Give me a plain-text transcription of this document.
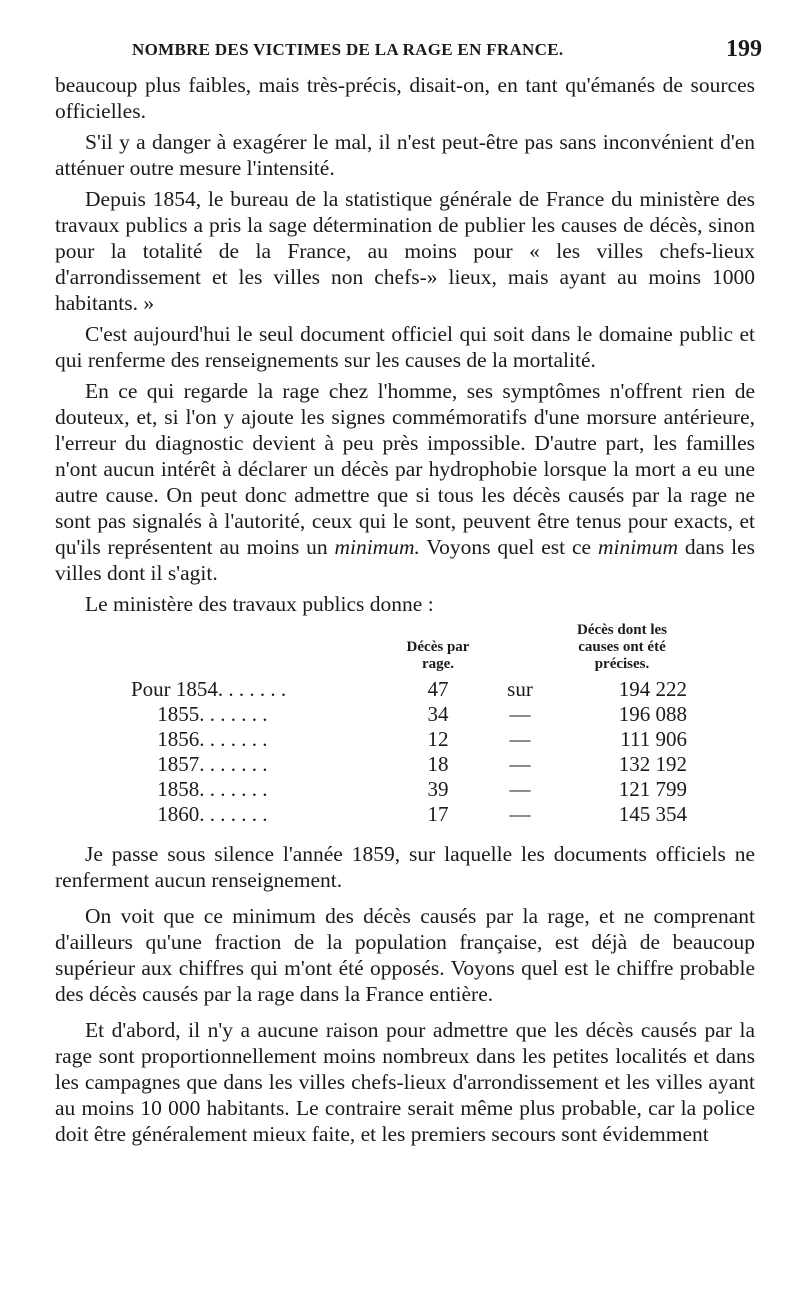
NOMBRE DES VICTIMES DE LA RAGE EN FRANCE.	199

beaucoup plus faibles, mais très-précis, disait-on, en tant qu'émanés de sources officielles.

S'il y a danger à exagérer le mal, il n'est peut-être pas sans inconvénient d'en atténuer outre mesure l'intensité.

Depuis 1854, le bureau de la statistique générale de France du ministère des travaux publics a pris la sage détermination de publier les causes de décès, sinon pour la totalité de la France, au moins pour « les villes chefs-lieux d'arrondissement et les villes non chefs-» lieux, mais ayant au moins 1000 habitants. »

C'est aujourd'hui le seul document officiel qui soit dans le domaine public et qui renferme des renseignements sur les causes de la mortalité.

En ce qui regarde la rage chez l'homme, ses symptômes n'offrent rien de douteux, et, si l'on y ajoute les signes commémoratifs d'une morsure antérieure, l'erreur du diagnostic devient à peu près impossible. D'autre part, les familles n'ont aucun intérêt à déclarer un décès par hydrophobie lorsque la mort a eu une autre cause. On peut donc admettre que si tous les décès causés par la rage ne sont pas signalés à l'autorité, ceux qui le sont, peuvent être tenus pour exacts, et qu'ils représentent au moins un minimum. Voyons quel est ce minimum dans les villes dont il s'agit.

Le ministère des travaux publics donne :

	Décès par rage.		Décès dont les causes ont été précises.
Pour 1854. . . . . . .	47	sur	194 222
1855. . . . . . .	34	—	196 088
1856. . . . . . .	12	—	111 906
1857. . . . . . .	18	—	132 192
1858. . . . . . .	39	—	121 799
1860. . . . . . .	17	—	145 354

Je passe sous silence l'année 1859, sur laquelle les documents officiels ne renferment aucun renseignement.

On voit que ce minimum des décès causés par la rage, et ne comprenant d'ailleurs qu'une fraction de la population française, est déjà de beaucoup supérieur aux chiffres qui m'ont été opposés. Voyons quel est le chiffre probable des décès causés par la rage dans la France entière.

Et d'abord, il n'y a aucune raison pour admettre que les décès causés par la rage sont proportionnellement moins nombreux dans les petites localités et dans les campagnes que dans les villes chefs-lieux d'arrondissement et les villes ayant au moins 10 000 habitants. Le contraire serait même plus probable, car la police doit être généralement mieux faite, et les premiers secours sont évidemment
